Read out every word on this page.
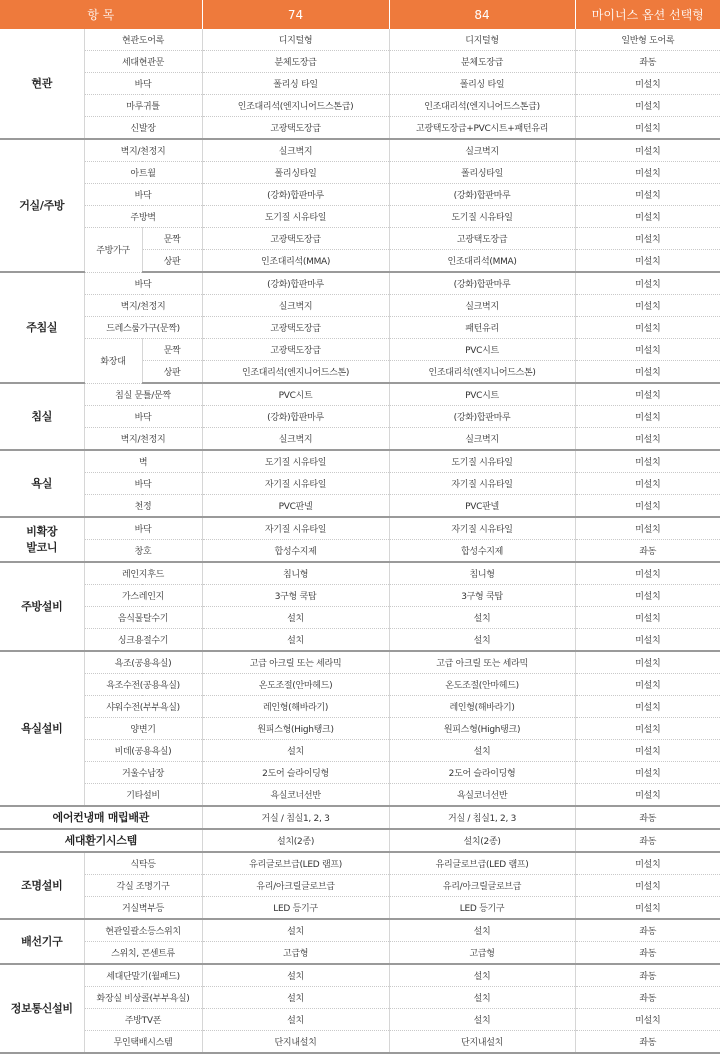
항 목			74	84	마이너스 옵션 선택형
현관	현관도어록		디지털형	디지털형	일반형 도어록
	세대현관문		분체도장급	분체도장급	좌동
	바닥		폴리싱 타일	폴리싱 타일	미설치
	마루귀틀		인조대리석(엔지니어드스톤급)	인조대리석(엔지니어드스톤급)	미설치
	신발장		고광택도장급	고광택도장급+PVC시트+패턴유리	미설치
거실/주방	벽지/천정지		실크벽지	실크벽지	미설치
	아트월		폴리싱타일	폴리싱타일	미설치
	바닥		(강화)합판마루	(강화)합판마루	미설치
	주방벽		도기질 시유타일	도기질 시유타일	미설치
	주방가구	문짝	고광택도장급	고광택도장급	미설치
		상판	인조대리석(MMA)	인조대리석(MMA)	미설치
주침실	바닥		(강화)합판마루	(강화)합판마루	미설치
	벽지/천정지		실크벽지	실크벽지	미설치
	드레스룸가구(문짝)		고광택도장급	패턴유리	미설치
	화장대	문짝	고광택도장급	PVC시트	미설치
		상판	인조대리석(엔지니어드스톤)	인조대리석(엔지니어드스톤)	미설치
침실	침실 문틀/문짝		PVC시트	PVC시트	미설치
	바닥		(강화)합판마루	(강화)합판마루	미설치
	벽지/천정지		실크벽지	실크벽지	미설치
욕실	벽		도기질 시유타일	도기질 시유타일	미설치
	바닥		자기질 시유타일	자기질 시유타일	미설치
	천정		PVC판넬	PVC판넬	미설치
비확장
발코니	바닥		자기질 시유타일	자기질 시유타일	미설치
	창호		합성수지제	합성수지제	좌동
주방설비	레인지후드		침니형	침니형	미설치
	가스레인지		3구형 쿡탑	3구형 쿡탑	미설치
	음식물탈수기		설치	설치	미설치
	싱크용절수기		설치	설치	미설치
욕실설비	욕조(공용욕실)		고급 아크릴 또는 세라믹	고급 아크릴 또는 세라믹	미설치
	욕조수전(공용욕실)		온도조절(안마헤드)	온도조절(안마헤드)	미설치
	샤워수전(부부욕실)		레인형(해바라기)	레인형(해바라기)	미설치
	양변기		원피스형(High탱크)	원피스형(High탱크)	미설치
	비데(공용욕실)		설치	설치	미설치
	거울수납장		2도어 슬라이딩형	2도어 슬라이딩형	미설치
	기타설비		욕실코너선반	욕실코너선반	미설치
에어컨냉매 매립배관			거실 / 침실1, 2, 3	거실 / 침실1, 2, 3	좌동
세대환기시스템			설치(2종)	설치(2종)	좌동
조명설비	식탁등		유리글로브급(LED 램프)	유리글로브급(LED 램프)	미설치
	각실 조명기구		유리/아크릴글로브급	유리/아크릴글로브급	미설치
	거실벽부등		LED 등기구	LED 등기구	미설치
배선기구	현관일괄소등스위치		설치	설치	좌동
	스위치, 콘센트류		고급형	고급형	좌동
정보통신설비	세대단말기(월패드)		설치	설치	좌동
	화장실 비상콜(부부욕실)		설치	설치	좌동
	주방TV폰		설치	설치	미설치
	무인택배시스템		단지내설치	단지내설치	좌동
